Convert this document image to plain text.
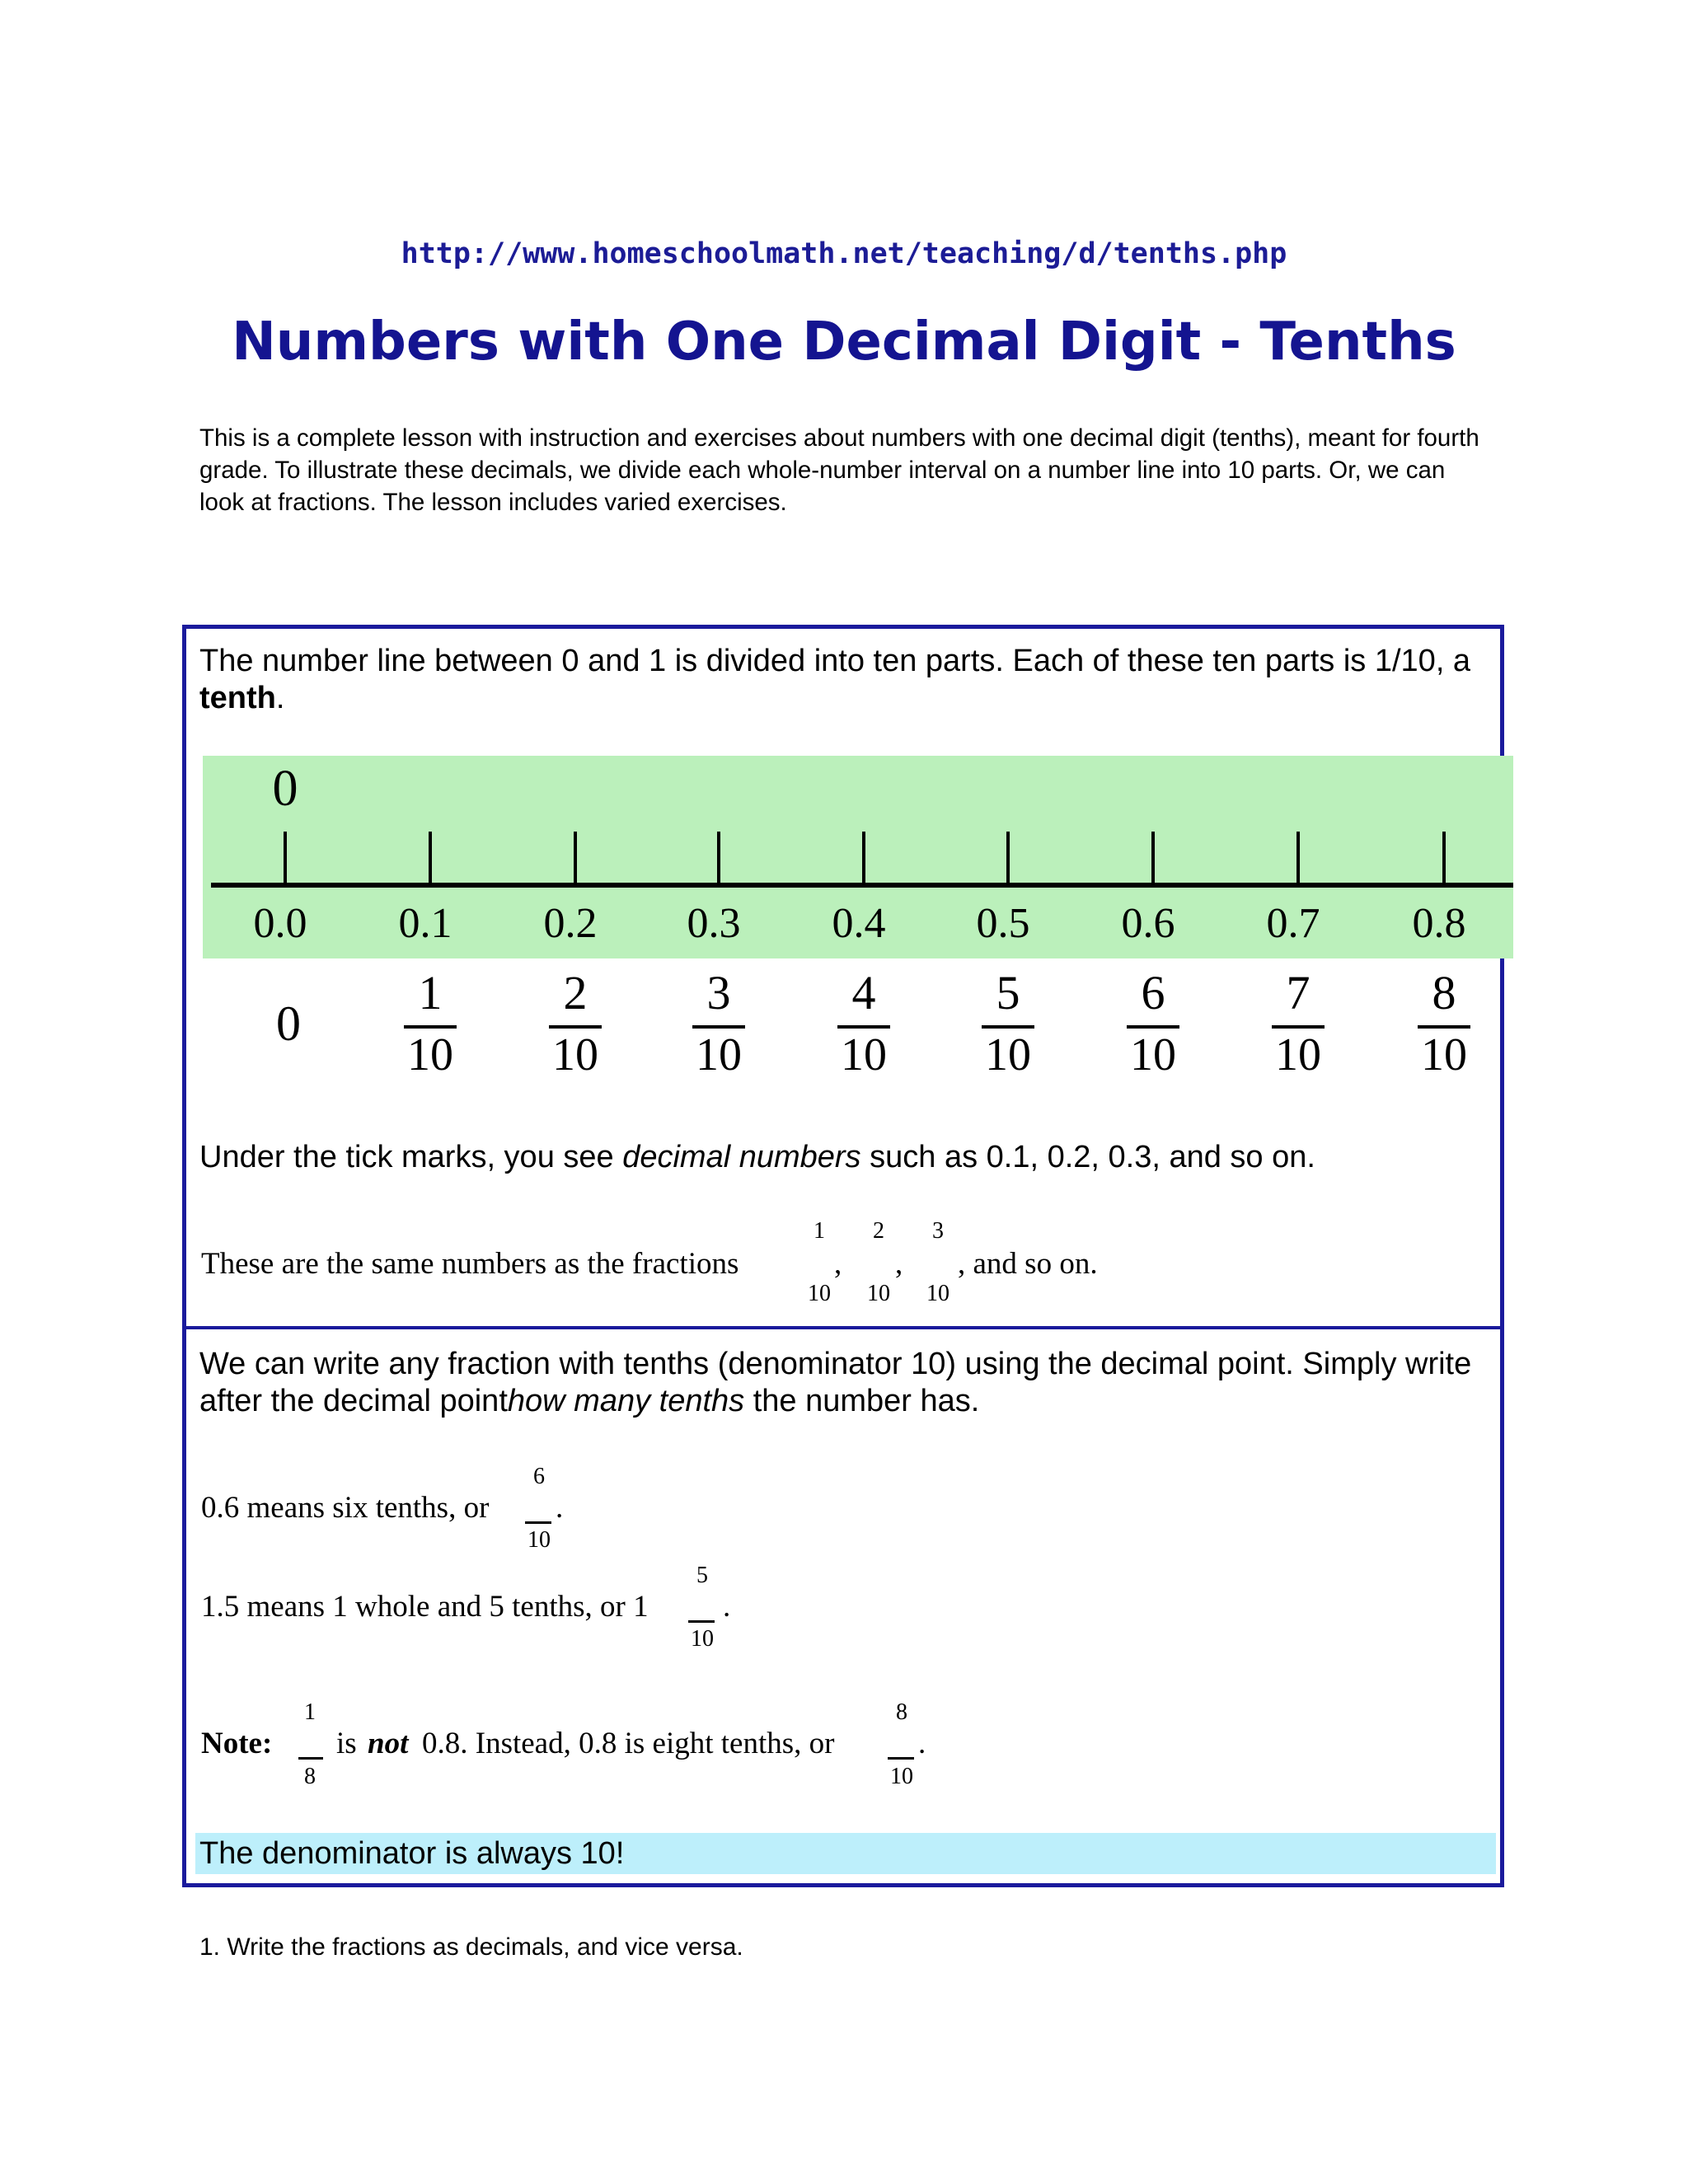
http://www.homeschoolmath.net/teaching/d/tenths.php
Numbers with One Decimal Digit - Tenths
This is a complete lesson with instruction and exercises about numbers with one decimal digit (tenths), meant for fourth grade. To illustrate these decimals, we divide each whole-number interval on a number line into 10 parts. Or, we can look at fractions. The lesson includes varied exercises.
The number line between 0 and 1 is divided into ten parts. Each of these ten parts is 1/10, a tenth.
0
0.0 0.1 0.2 0.3 0.4 0.5 0.6 0.7 0.8
0
1
10
2
10
3
10
4
10
5
10
6
10
7
10
8
10
Under the tick marks, you see decimal numbers such as 0.1, 0.2, 0.3, and so on.
These are the same numbers as the fractions
1
10
,
2
10
,
3
10
, and so on.
We can write any fraction with tenths (denominator 10) using the decimal point. Simply write after the decimal pointhow many tenths the number has.
0.6 means six tenths, or
6
10
.
1.5 means 1 whole and 5 tenths, or 1
5
10
.
Note:
1
8
is not 0.8. Instead, 0.8 is eight tenths, or
8
10
.
The denominator is always 10!
1. Write the fractions as decimals, and vice versa.
